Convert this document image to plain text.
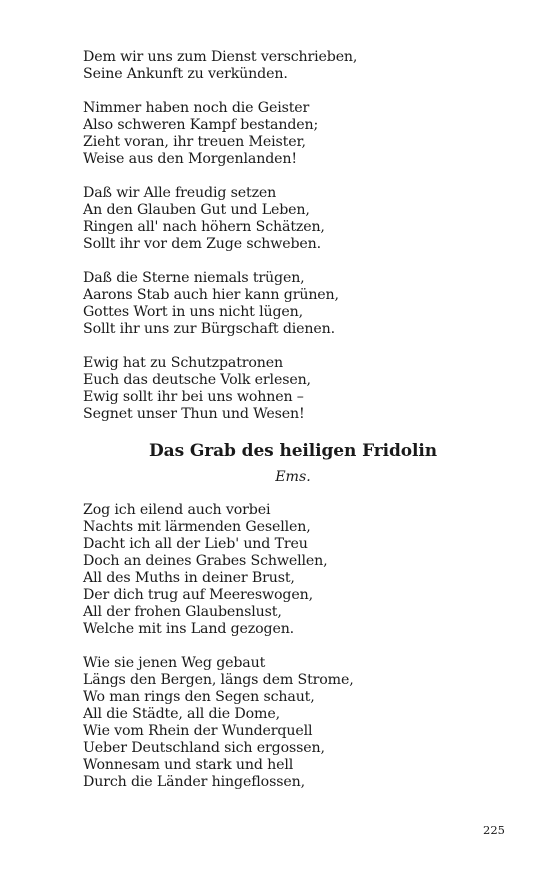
Dem wir uns zum Dienst verschrieben,
Seine Ankunft zu verkünden.
Nimmer haben noch die Geister
Also schweren Kampf bestanden;
Zieht voran, ihr treuen Meister,
Weise aus den Morgenlanden!
Daß wir Alle freudig setzen
An den Glauben Gut und Leben,
Ringen all' nach höhern Schätzen,
Sollt ihr vor dem Zuge schweben.
Daß die Sterne niemals trügen,
Aarons Stab auch hier kann grünen,
Gottes Wort in uns nicht lügen,
Sollt ihr uns zur Bürgschaft dienen.
Ewig hat zu Schutzpatronen
Euch das deutsche Volk erlesen,
Ewig sollt ihr bei uns wohnen –
Segnet unser Thun und Wesen!
Das Grab des heiligen Fridolin
Ems.
Zog ich eilend auch vorbei
Nachts mit lärmenden Gesellen,
Dacht ich all der Lieb' und Treu
Doch an deines Grabes Schwellen,
All des Muths in deiner Brust,
Der dich trug auf Meereswogen,
All der frohen Glaubenslust,
Welche mit ins Land gezogen.
Wie sie jenen Weg gebaut
Längs den Bergen, längs dem Strome,
Wo man rings den Segen schaut,
All die Städte, all die Dome,
Wie vom Rhein der Wunderquell
Ueber Deutschland sich ergossen,
Wonnesam und stark und hell
Durch die Länder hingeflossen,
225
